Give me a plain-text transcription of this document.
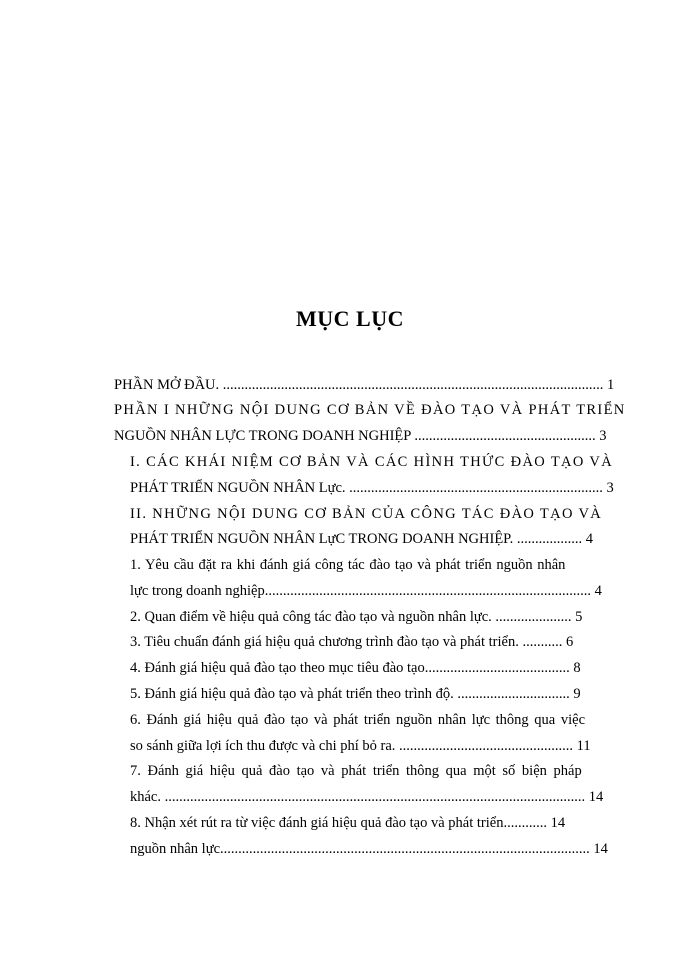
MỤC LỤC
PHẦN MỞ ĐẦU. ......................................................................................................... 1
PHẦN I NHỮNG NỘI DUNG CƠ BẢN VỀ ĐÀO TẠO VÀ PHÁT TRIỂN
NGUỒN NHÂN LỰC TRONG DOANH NGHIỆP .................................................. 3
I. CÁC KHÁI NIỆM CƠ BẢN VÀ CÁC HÌNH THỨC ĐÀO TẠO VÀ
PHÁT TRIỂN NGUỒN NHÂN Lực. ...................................................................... 3
II. NHỮNG NỘI DUNG CƠ BẢN CỦA CÔNG TÁC ĐÀO TẠO VÀ
PHÁT TRIỂN NGUỒN NHÂN LựC TRONG DOANH NGHIỆP. .................. 4
1. Yêu cầu đặt ra khi đánh giá công tác đào tạo và phát triển nguồn nhân
lực trong doanh nghiệp.......................................................................................... 4
2. Quan điểm về hiệu quả công tác đào tạo và nguồn nhân lực. ..................... 5
3. Tiêu chuẩn đánh giá hiệu quả chương trình đào tạo và phát triển. ........... 6
4. Đánh giá hiệu quả đào tạo theo mục tiêu đào tạo........................................ 8
5. Đánh giá hiệu quả đào tạo và phát triển theo trình độ. ............................... 9
6. Đánh giá hiệu quả đào tạo và phát triển nguồn nhân lực thông qua việc
so sánh giữa lợi ích thu được và chi phí bỏ ra. ................................................ 11
7. Đánh giá hiệu quả đào tạo và phát triển thông qua một số biện pháp
khác. .................................................................................................................... 14
8. Nhận xét rút ra từ việc đánh giá hiệu quả đào tạo và phát triển............ 14
nguồn nhân lực...................................................................................................... 14
